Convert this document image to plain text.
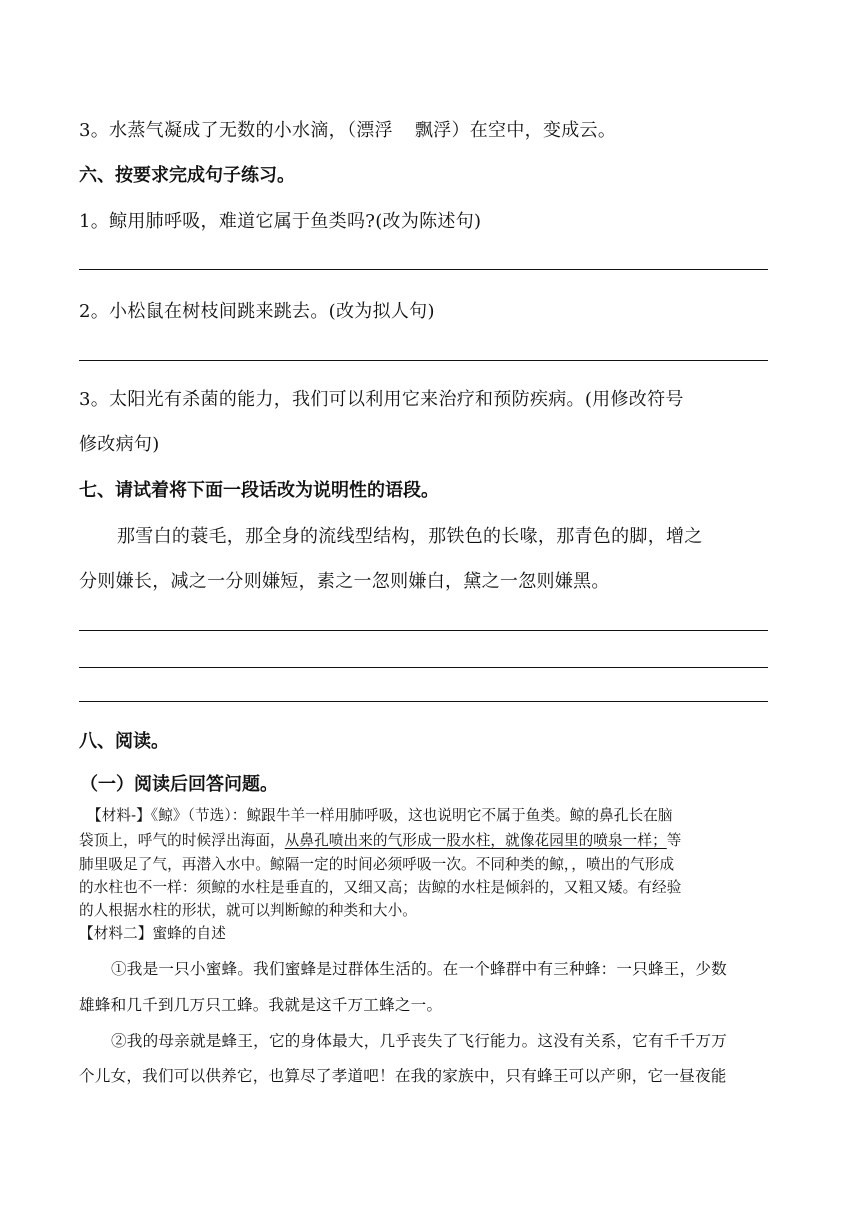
3。水蒸气凝成了无数的小水滴，（漂浮 飘浮）在空中，变成云。
六、按要求完成句子练习。
1。鲸用肺呼吸，难道它属于鱼类吗?(改为陈述句)
2。小松鼠在树枝间跳来跳去。(改为拟人句)
3。太阳光有杀菌的能力，我们可以利用它来治疗和预防疾病。(用修改符号
修改病句)
七、请试着将下面一段话改为说明性的语段。
那雪白的蓑毛，那全身的流线型结构，那铁色的长喙，那青色的脚，增之
分则嫌长，减之一分则嫌短，素之一忽则嫌白，黛之一忽则嫌黑。
八、阅读。
（一）阅读后回答问题。
【材料-】《鲸》（节选）：鲸跟牛羊一样用肺呼吸，这也说明它不属于鱼类。鲸的鼻孔长在脑
袋顶上，呼气的时候浮出海面，从鼻孔喷出来的气形成一股水柱，就像花园里的喷泉一样；等
肺里吸足了气，再潜入水中。鲸隔一定的时间必须呼吸一次。不同种类的鲸，，喷出的气形成
的水柱也不一样：须鲸的水柱是垂直的，又细又高；齿鲸的水柱是倾斜的，又粗又矮。有经验
的人根据水柱的形状，就可以判断鲸的种类和大小。
【材料二】蜜蜂的自述
①我是一只小蜜蜂。我们蜜蜂是过群体生活的。在一个蜂群中有三种蜂：一只蜂王，少数
雄蜂和几千到几万只工蜂。我就是这千万工蜂之一。
②我的母亲就是蜂王，它的身体最大，几乎丧失了飞行能力。这没有关系，它有千千万万
个儿女，我们可以供养它，也算尽了孝道吧！在我的家族中，只有蜂王可以产卵，它一昼夜能
